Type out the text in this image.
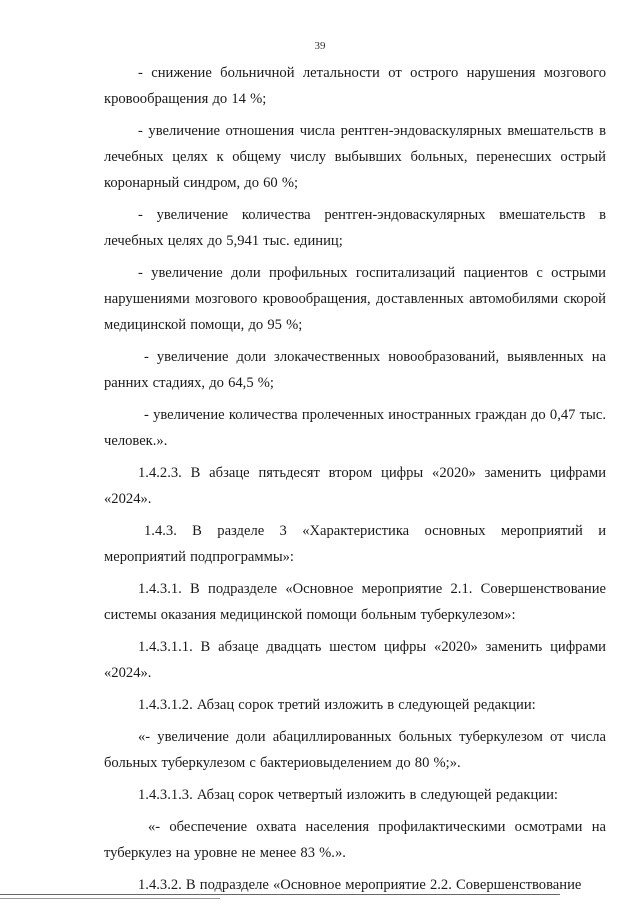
39

- снижение больничной летальности от острого нарушения мозгового кровообращения до 14 %;

- увеличение отношения числа рентген-эндоваскулярных вмешательств в лечебных целях к общему числу выбывших больных, перенесших острый коронарный синдром, до 60 %;

- увеличение количества рентген-эндоваскулярных вмешательств в лечебных целях до 5,941 тыс. единиц;

- увеличение доли профильных госпитализаций пациентов с острыми нарушениями мозгового кровообращения, доставленных автомобилями скорой медицинской помощи, до 95 %;

- увеличение доли злокачественных новообразований, выявленных на ранних стадиях, до 64,5 %;

- увеличение количества пролеченных иностранных граждан до 0,47 тыс. человек.».

1.4.2.3. В абзаце пятьдесят втором цифры «2020» заменить цифрами «2024».

1.4.3. В разделе 3 «Характеристика основных мероприятий и мероприятий подпрограммы»:

1.4.3.1. В подразделе «Основное мероприятие 2.1. Совершенствование системы оказания медицинской помощи больным туберкулезом»:

1.4.3.1.1. В абзаце двадцать шестом цифры «2020» заменить цифрами «2024».

1.4.3.1.2. Абзац сорок третий изложить в следующей редакции:

«- увеличение доли абациллированных больных туберкулезом от числа больных туберкулезом с бактериовыделением до 80 %;».

1.4.3.1.3. Абзац сорок четвертый изложить в следующей редакции:

«- обеспечение охвата населения профилактическими осмотрами на туберкулез на уровне не менее 83 %.».

1.4.3.2. В подразделе «Основное мероприятие 2.2. Совершенствование
